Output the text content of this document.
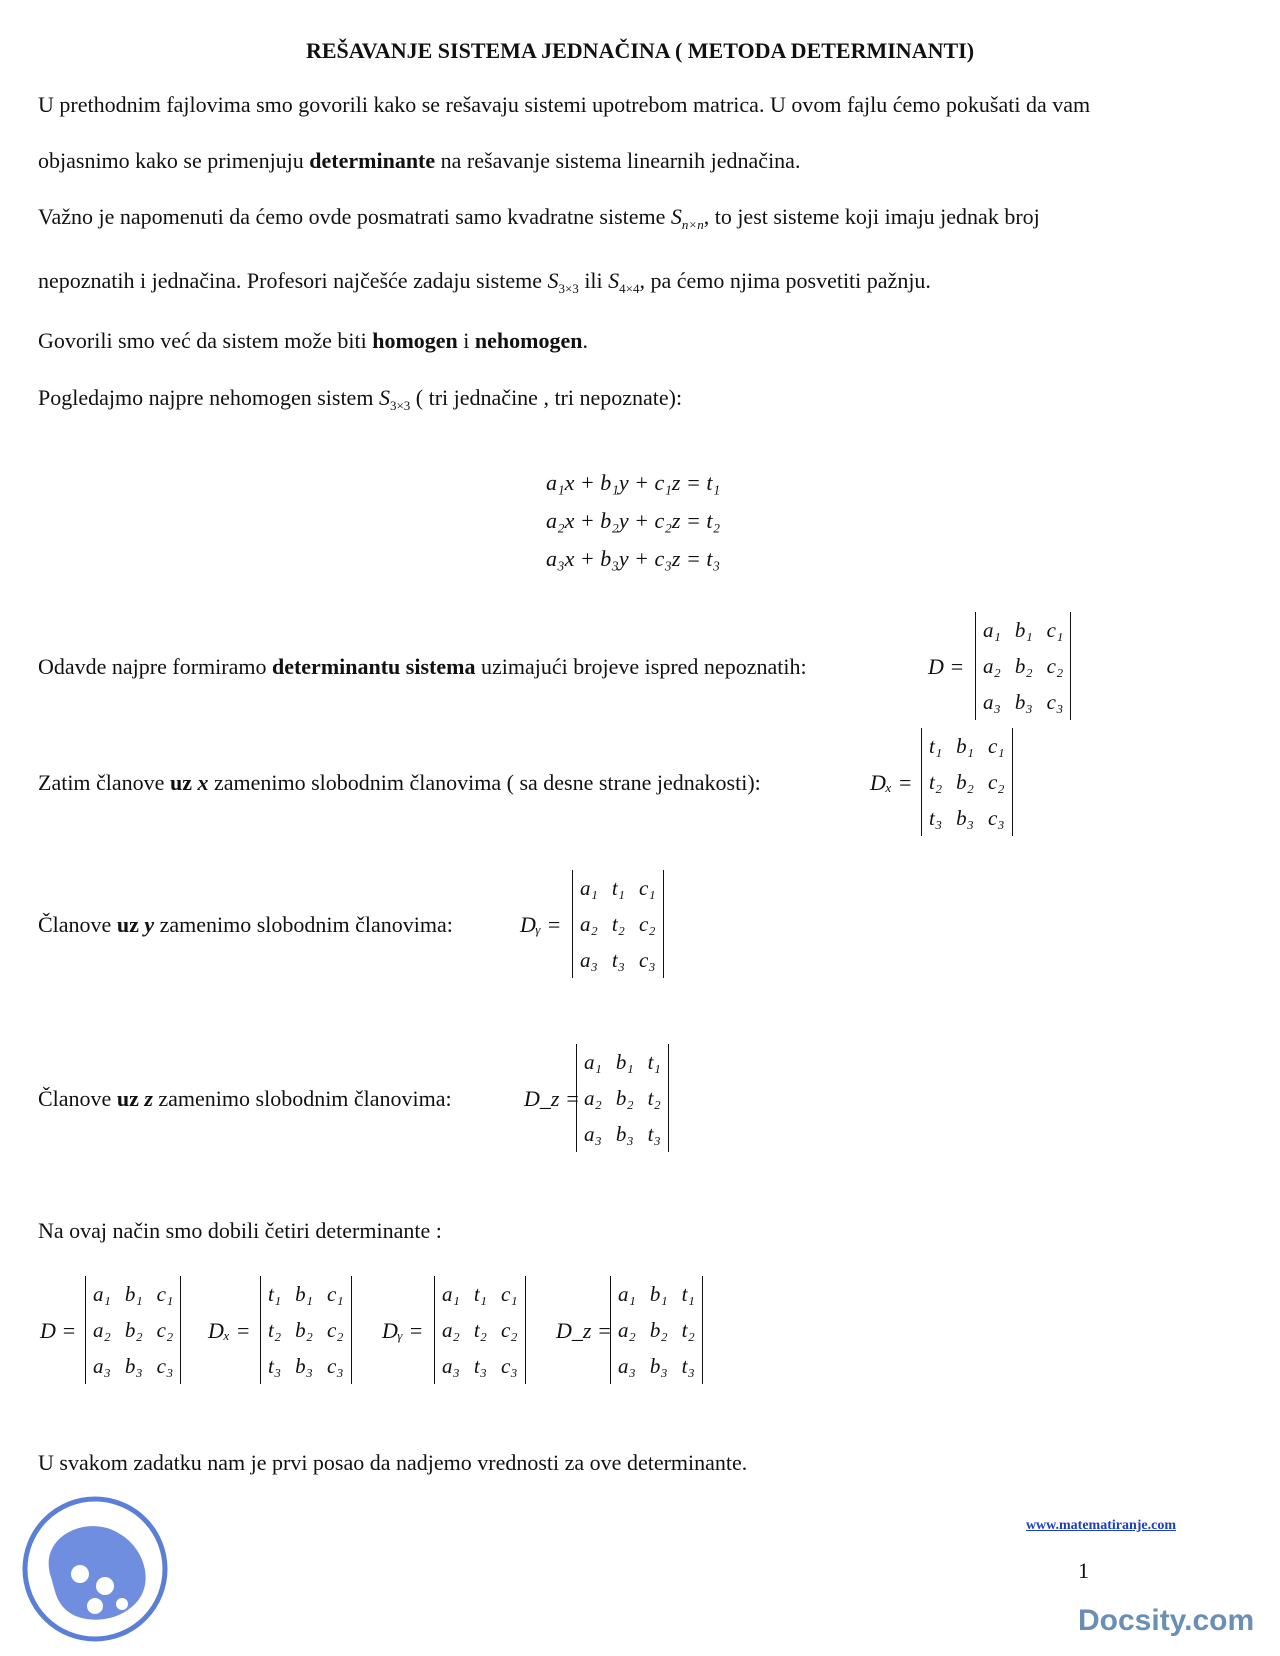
REŠAVANJE SISTEMA JEDNAČINA ( METODA DETERMINANTI)
U prethodnim fajlovima smo govorili kako se rešavaju sistemi upotrebom matrica. U ovom fajlu ćemo pokušati da vam
objasnimo kako se primenjuju determinante na rešavanje sistema linearnih jednačina.
Važno je napomenuti da ćemo ovde posmatrati samo kvadratne sisteme $S_{n\times n}$, to jest sisteme koji imaju jednak broj
nepoznatih i jednačina. Profesori najčešće zadaju sisteme $S_{3\times 3}$ ili $S_{4\times 4}$, pa ćemo njima posvetiti pažnju.
Govorili smo već da sistem može biti homogen i nehomogen.
Pogledajmo najpre nehomogen sistem $S_{3\times 3}$ ( tri jednačine , tri nepoznate):
a₁x + b₁y + c₁z = t₁
a₂x + b₂y + c₂z = t₂
a₃x + b₃y + c₃z = t₃
Odavde najpre formiramo determinantu sistema uzimajući brojeve ispred nepoznatih:	D =
a₁	b₁	c₁
a₂	b₂	c₂
a₃	b₃	c₃
Zatim članove uz x zamenimo slobodnim članovima ( sa desne strane jednakosti):	Dₓ =
t₁	b₁	c₁
t₂	b₂	c₂
t₃	b₃	c₃
Članove uz y zamenimo slobodnim članovima:	Dᵧ =
a₁	t₁	c₁
a₂	t₂	c₂
a₃	t₃	c₃
Članove uz z zamenimo slobodnim članovima:	D_z =
a₁	b₁	t₁
a₂	b₂	t₂
a₃	b₃	t₃
Na ovaj način smo dobili četiri determinante :
D =
a₁	b₁	c₁
a₂	b₂	c₂
a₃	b₃	c₃
Dₓ =
t₁	b₁	c₁
t₂	b₂	c₂
t₃	b₃	c₃
Dᵧ =
a₁	t₁	c₁
a₂	t₂	c₂
a₃	t₃	c₃
D_z =
a₁	b₁	t₁
a₂	b₂	t₂
a₃	b₃	t₃
U svakom zadatku nam je prvi posao da nadjemo vrednosti za ove determinante.
www.matematiranje.com
1
Docsity.com
